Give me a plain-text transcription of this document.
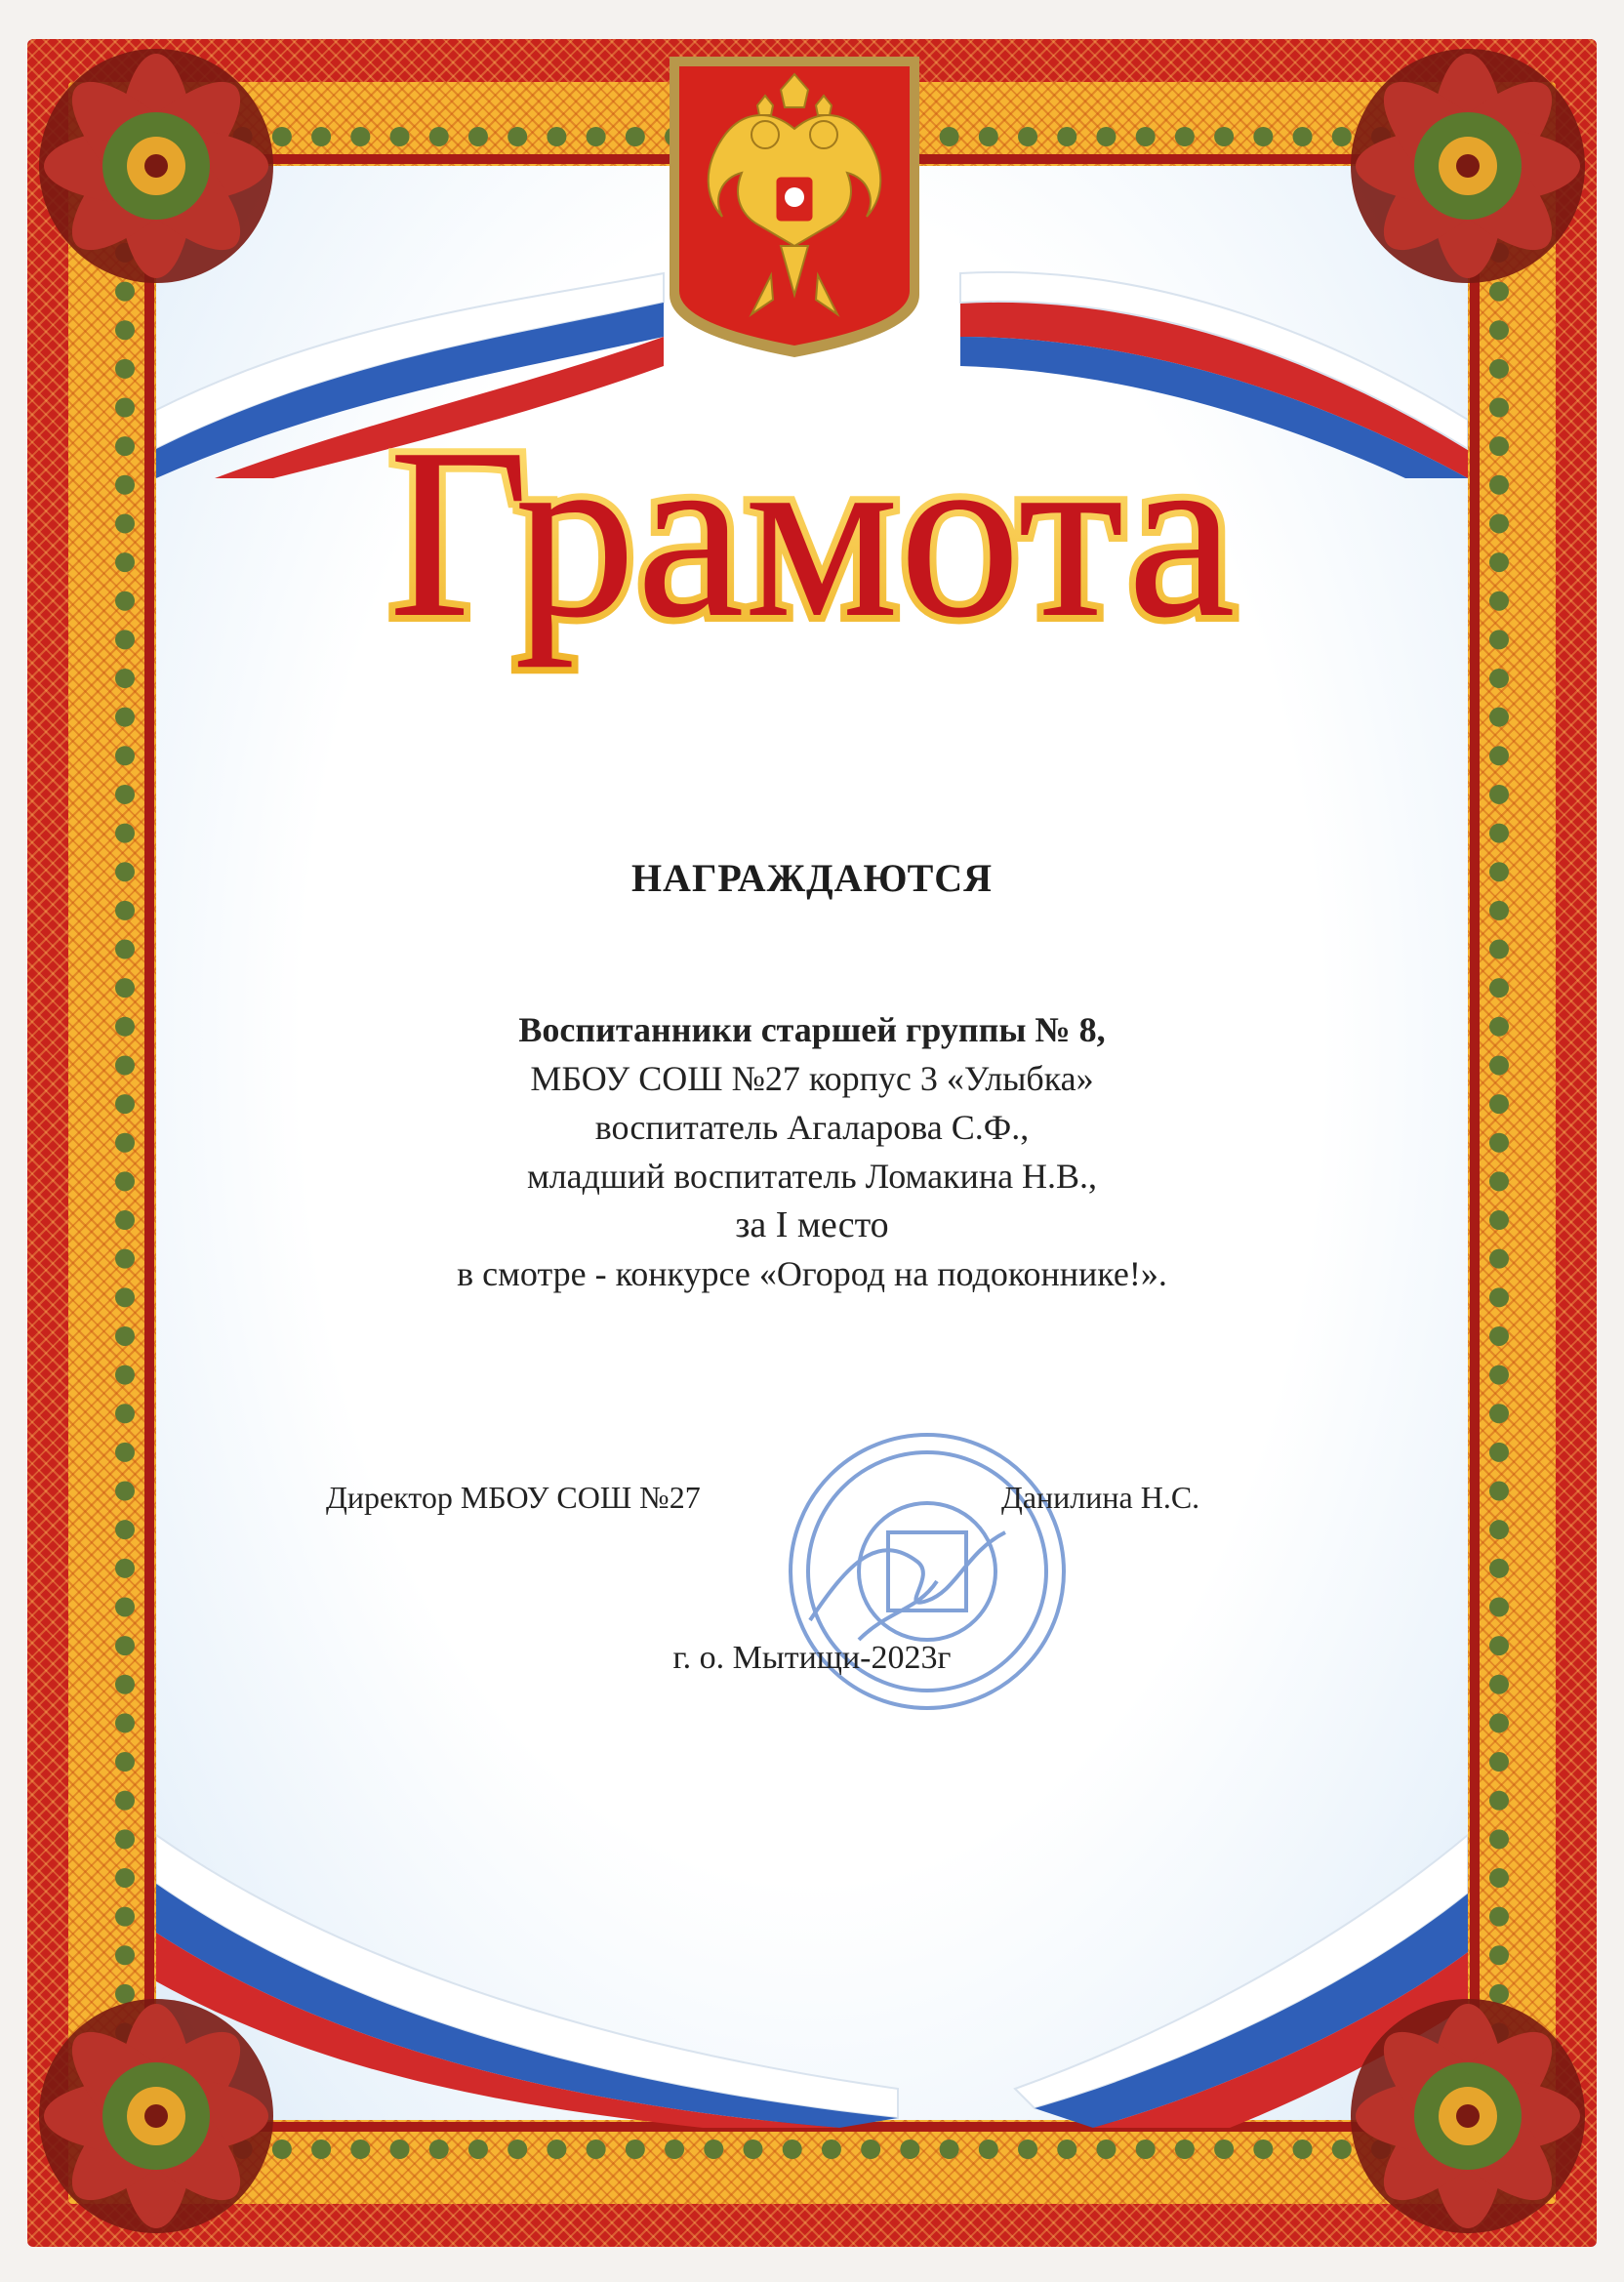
Грамота
НАГРАЖДАЮТСЯ
Воспитанники старшей группы № 8,
МБОУ СОШ №27 корпус 3 «Улыбка»
воспитатель Агаларова С.Ф.,
младший воспитатель Ломакина Н.В.,
за I место
в смотре - конкурсе «Огород на подоконнике!».
Директор МБОУ СОШ №27	Данилина Н.С.
г. о. Мытищи-2023г
